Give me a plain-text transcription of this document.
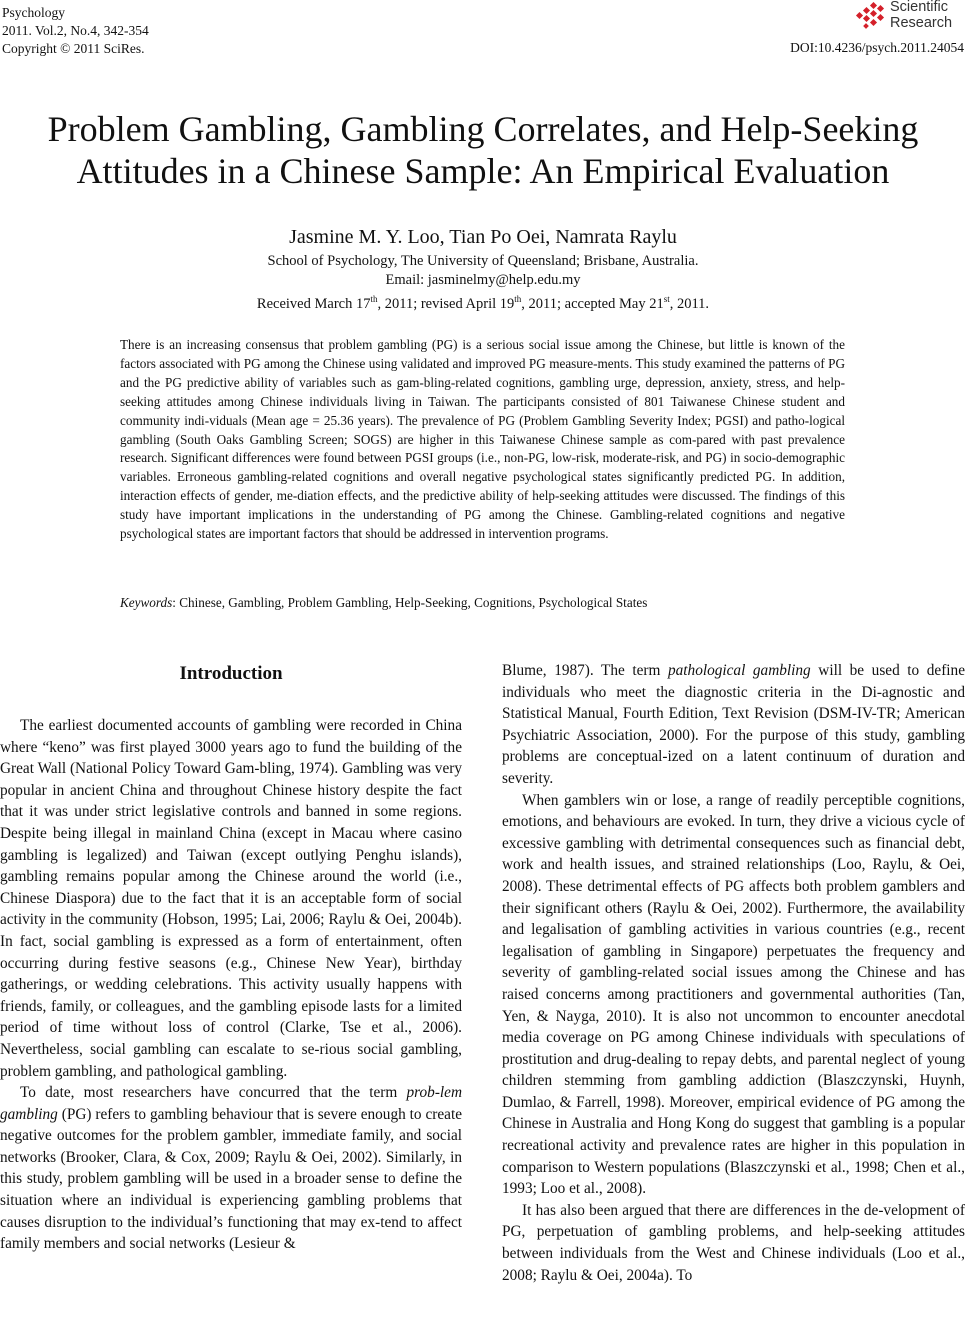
Psychology
2011. Vol.2, No.4, 342-354
Copyright © 2011 SciRes.
Scientific
Research
DOI:10.4236/psych.2011.24054
Problem Gambling, Gambling Correlates, and Help-Seeking
Attitudes in a Chinese Sample: An Empirical Evaluation
Jasmine M. Y. Loo, Tian Po Oei, Namrata Raylu
School of Psychology, The University of Queensland; Brisbane, Australia.
Email: jasminelmy@help.edu.my
Received March 17th, 2011; revised April 19th, 2011; accepted May 21st, 2011.
There is an increasing consensus that problem gambling (PG) is a serious social issue among the Chinese, but little is known of the factors associated with PG among the Chinese using validated and improved PG measure-ments. This study examined the patterns of PG and the PG predictive ability of variables such as gam-bling-related cognitions, gambling urge, depression, anxiety, stress, and help-seeking attitudes among Chinese individuals living in Taiwan. The participants consisted of 801 Taiwanese Chinese student and community indi-viduals (Mean age = 25.36 years). The prevalence of PG (Problem Gambling Severity Index; PGSI) and patho-logical gambling (South Oaks Gambling Screen; SOGS) are higher in this Taiwanese Chinese sample as com-pared with past prevalence research. Significant differences were found between PGSI groups (i.e., non-PG, low-risk, moderate-risk, and PG) in socio-demographic variables. Erroneous gambling-related cognitions and overall negative psychological states significantly predicted PG. In addition, interaction effects of gender, me-diation effects, and the predictive ability of help-seeking attitudes were discussed. The findings of this study have important implications in the understanding of PG among the Chinese. Gambling-related cognitions and negative psychological states are important factors that should be addressed in intervention programs.
Keywords: Chinese, Gambling, Problem Gambling, Help-Seeking, Cognitions, Psychological States
Introduction

The earliest documented accounts of gambling were recorded in China where “keno” was first played 3000 years ago to fund the building of the Great Wall (National Policy Toward Gam-bling, 1974). Gambling was very popular in ancient China and throughout Chinese history despite the fact that it was under strict legislative controls and banned in some regions. Despite being illegal in mainland China (except in Macau where casino gambling is legalized) and Taiwan (except outlying Penghu islands), gambling remains popular among the Chinese around the world (i.e., Chinese Diaspora) due to the fact that it is an acceptable form of social activity in the community (Hobson, 1995; Lai, 2006; Raylu & Oei, 2004b). In fact, social gambling is expressed as a form of entertainment, often occurring during festive seasons (e.g., Chinese New Year), birthday gatherings, or wedding celebrations. This activity usually happens with friends, family, or colleagues, and the gambling episode lasts for a limited period of time without loss of control (Clarke, Tse et al., 2006). Nevertheless, social gambling can escalate to se-rious social gambling, problem gambling, and pathological gambling.

To date, most researchers have concurred that the term prob-lem gambling (PG) refers to gambling behaviour that is severe enough to create negative outcomes for the problem gambler, immediate family, and social networks (Brooker, Clara, & Cox, 2009; Raylu & Oei, 2002). Similarly, in this study, problem gambling will be used in a broader sense to define the situation where an individual is experiencing gambling problems that causes disruption to the individual’s functioning that may ex-tend to affect family members and social networks (Lesieur &

Blume, 1987). The term pathological gambling will be used to define individuals who meet the diagnostic criteria in the Di-agnostic and Statistical Manual, Fourth Edition, Text Revision (DSM-IV-TR; American Psychiatric Association, 2000). For the purpose of this study, gambling problems are conceptual-ized on a latent continuum of duration and severity.

When gamblers win or lose, a range of readily perceptible cognitions, emotions, and behaviours are evoked. In turn, they drive a vicious cycle of excessive gambling with detrimental consequences such as financial debt, work and health issues, and strained relationships (Loo, Raylu, & Oei, 2008). These detrimental effects of PG affects both problem gamblers and their significant others (Raylu & Oei, 2002). Furthermore, the availability and legalisation of gambling activities in various countries (e.g., recent legalisation of gambling in Singapore) perpetuates the frequency and severity of gambling-related social issues among the Chinese and has raised concerns among practitioners and governmental authorities (Tan, Yen, & Nayga, 2010). It is also not uncommon to encounter anecdotal media coverage on PG among Chinese individuals with speculations of prostitution and drug-dealing to repay debts, and parental neglect of young children stemming from gambling addiction (Blaszczynski, Huynh, Dumlao, & Farrell, 1998). Moreover, empirical evidence of PG among the Chinese in Australia and Hong Kong do suggest that gambling is a popular recreational activity and prevalence rates are higher in this population in comparison to Western populations (Blaszczynski et al., 1998; Chen et al., 1993; Loo et al., 2008).

It has also been argued that there are differences in the de-velopment of PG, perpetuation of gambling problems, and help-seeking attitudes between individuals from the West and Chinese individuals (Loo et al., 2008; Raylu & Oei, 2004a). To
